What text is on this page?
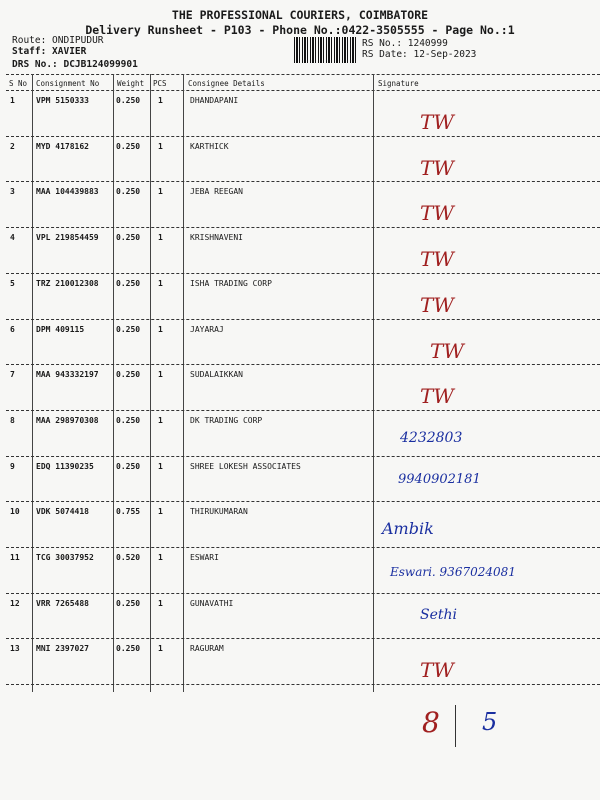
THE PROFESSIONAL COURIERS, COIMBATORE
Delivery Runsheet - P103 - Phone No.:0422-3505555 - Page No.:1
Route: ONDIPUDUR
Staff: XAVIER
DRS No.: DCJB124099901
RS No.: 1240999
RS Date: 12-Sep-2023
S No Consignment No Weight PCS	Consignee Details	Signature
1	VPM 5150333	0.250 1	DHANDAPANI
TW
2	MYD 4178162	0.250 1	KARTHICK
TW
3	MAA 104439883 0.250 1	JEBA REEGAN
TW
4	VPL 219854459 0.250 1	KRISHNAVENI
TW
5	TRZ 210012308 0.250 1	ISHA TRADING CORP
TW
6	DPM 409115	0.250 1	JAYARAJ
TW
7	MAA 943332197 0.250 1	SUDALAIKKAN
TW
8	MAA 298970308 0.250 1	DK TRADING CORP
4232803
9	EDQ 11390235	0.250 1	SHREE LOKESH ASSOCIATES
9940902181
10 VDK 5074418	0.755 1	THIRUKUMARAN
Ambik
11 TCG 30037952	0.520 1	ESWARI
Eswari. 9367024081
12 VRR 7265488	0.250 1	GUNAVATHI
Sethi
13 MNI 2397027	0.250 1	RAGURAM
TW
8 5
